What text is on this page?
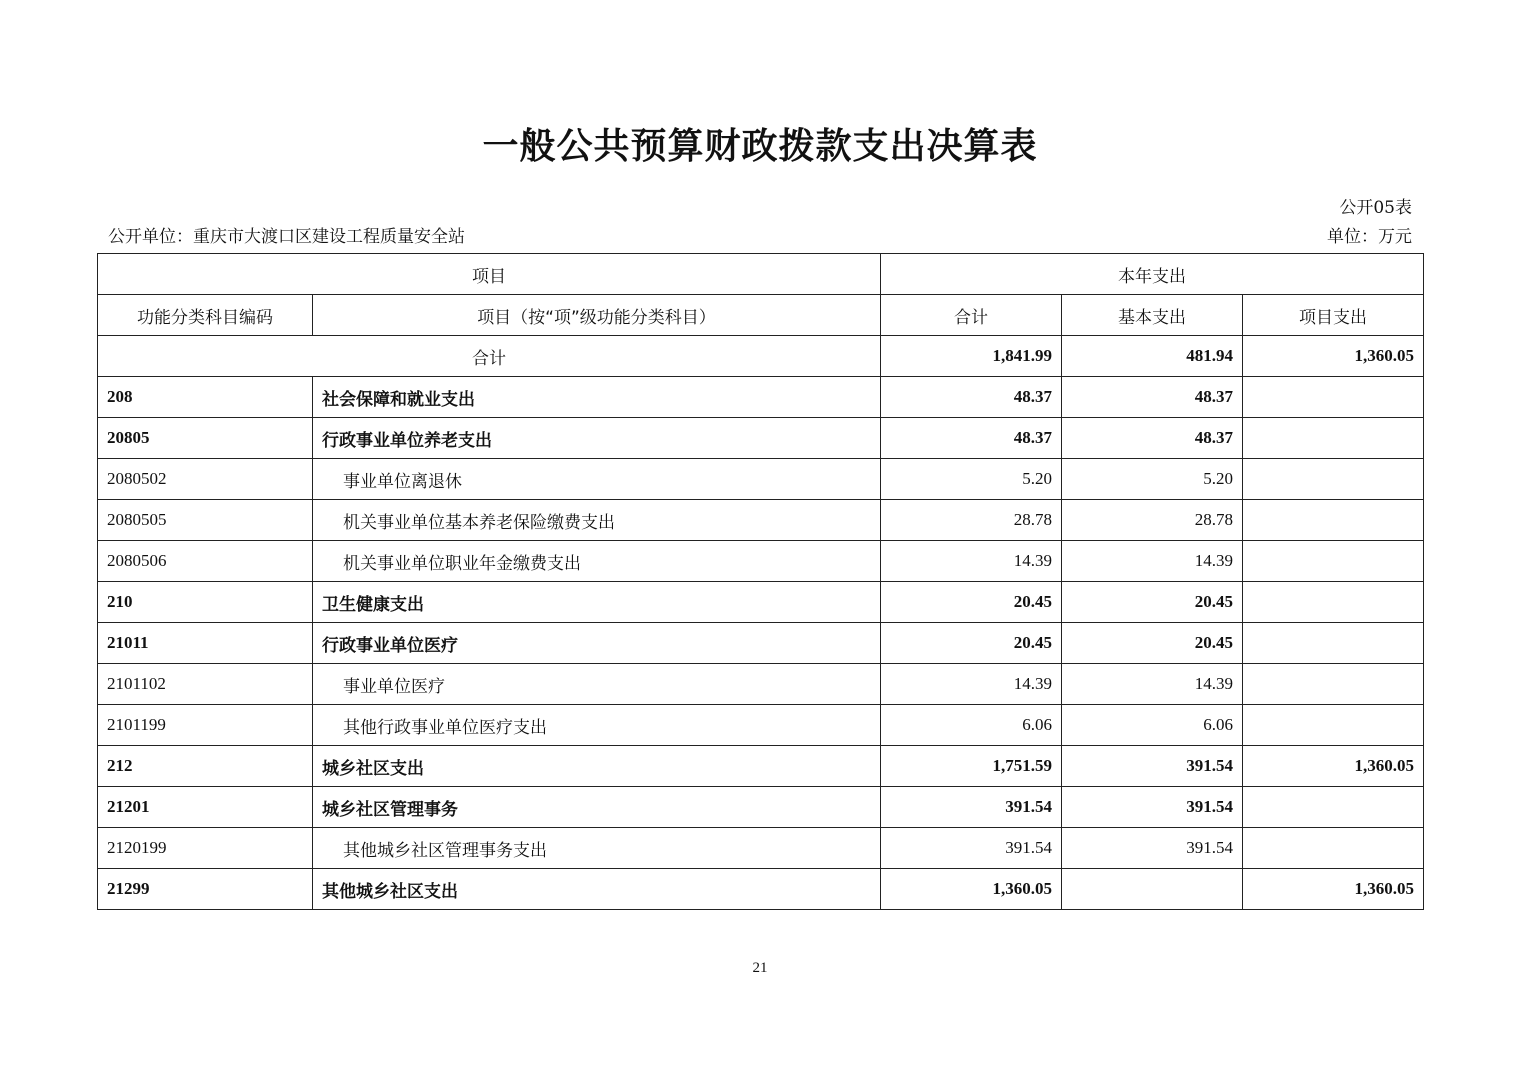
一般公共预算财政拨款支出决算表
公开05表
公开单位：重庆市大渡口区建设工程质量安全站	单位：万元
项目		本年支出		
功能分类科目编码	项目（按“项”级功能分类科目）	合计	基本支出	项目支出
合计		1,841.99	481.94	1,360.05
208	社会保障和就业支出	48.37	48.37	
20805	行政事业单位养老支出	48.37	48.37	
2080502	事业单位离退休	5.20	5.20	
2080505	机关事业单位基本养老保险缴费支出	28.78	28.78	
2080506	机关事业单位职业年金缴费支出	14.39	14.39	
210	卫生健康支出	20.45	20.45	
21011	行政事业单位医疗	20.45	20.45	
2101102	事业单位医疗	14.39	14.39	
2101199	其他行政事业单位医疗支出	6.06	6.06	
212	城乡社区支出	1,751.59	391.54	1,360.05
21201	城乡社区管理事务	391.54	391.54	
2120199	其他城乡社区管理事务支出	391.54	391.54	
21299	其他城乡社区支出	1,360.05		1,360.05
21
